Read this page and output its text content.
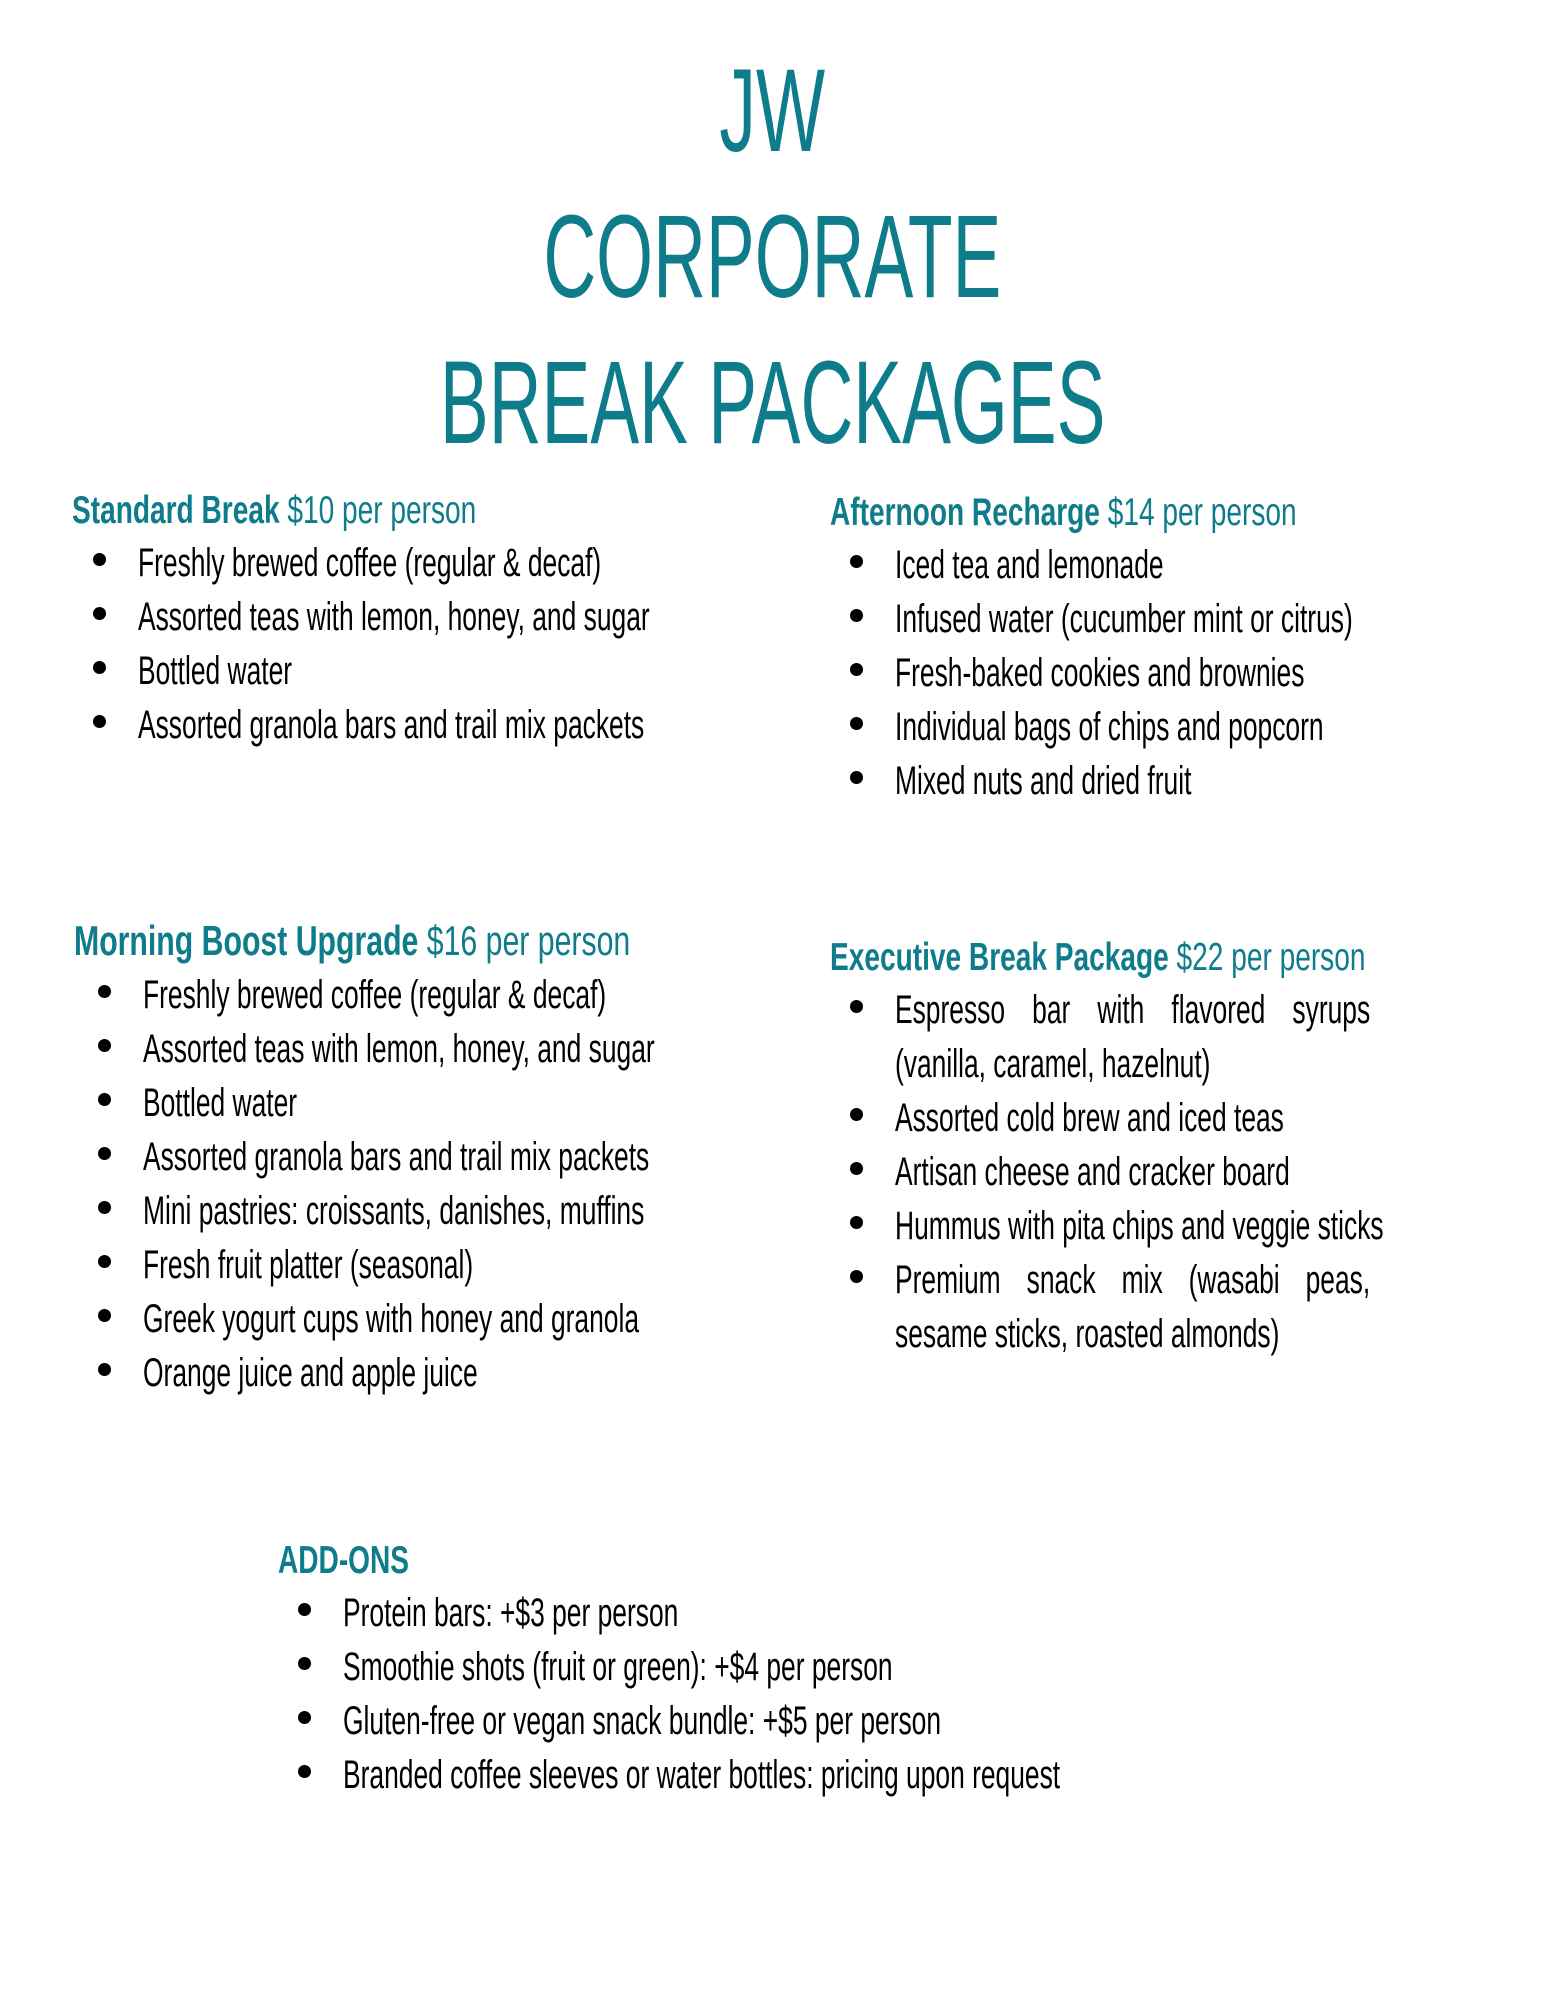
JW
CORPORATE
BREAK PACKAGES
Standard Break $10 per person
Freshly brewed coffee (regular & decaf)
Assorted teas with lemon, honey, and sugar
Bottled water
Assorted granola bars and trail mix packets
Afternoon Recharge $14 per person
Iced tea and lemonade
Infused water (cucumber mint or citrus)
Fresh-baked cookies and brownies
Individual bags of chips and popcorn
Mixed nuts and dried fruit
Morning Boost Upgrade $16 per person
Freshly brewed coffee (regular & decaf)
Assorted teas with lemon, honey, and sugar
Bottled water
Assorted granola bars and trail mix packets
Mini pastries: croissants, danishes, muffins
Fresh fruit platter (seasonal)
Greek yogurt cups with honey and granola
Orange juice and apple juice
Executive Break Package $22 per person
Espresso bar with flavored syrups (vanilla, caramel, hazelnut)
Assorted cold brew and iced teas
Artisan cheese and cracker board
Hummus with pita chips and veggie sticks
Premium snack mix (wasabi peas, sesame sticks, roasted almonds)
ADD-ONS
Protein bars: +$3 per person
Smoothie shots (fruit or green): +$4 per person
Gluten-free or vegan snack bundle: +$5 per person
Branded coffee sleeves or water bottles: pricing upon request
